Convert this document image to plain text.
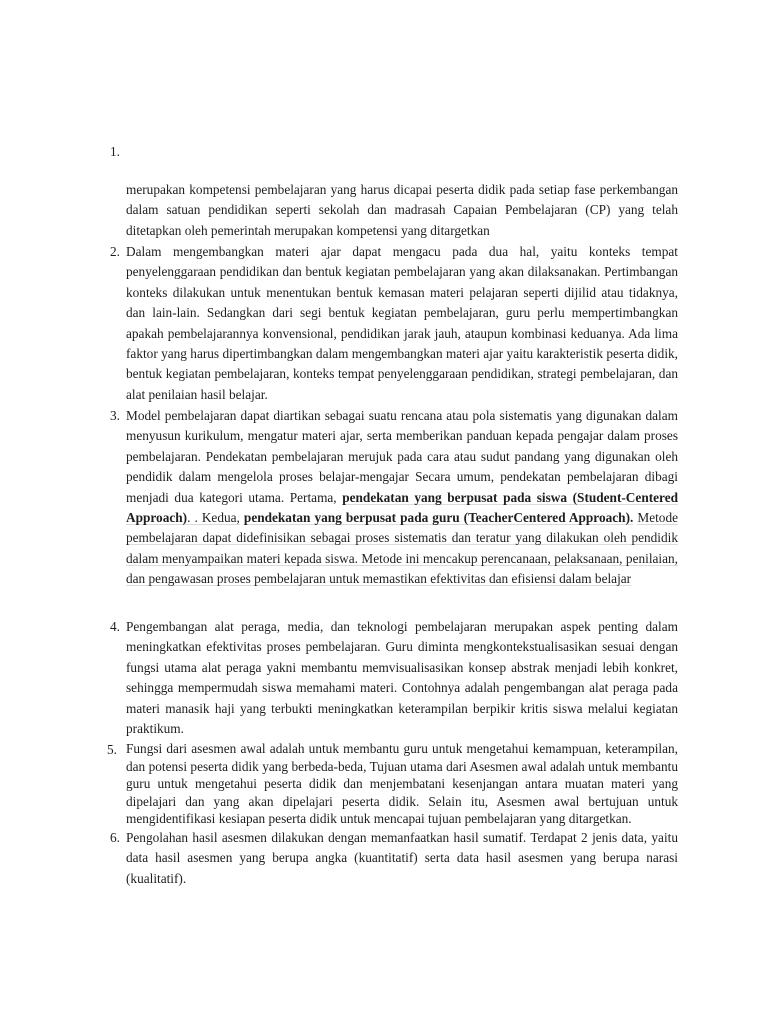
1.

merupakan kompetensi pembelajaran yang harus dicapai peserta didik pada setiap fase perkembangan dalam satuan pendidikan seperti sekolah dan madrasah Capaian Pembelajaran (CP) yang telah ditetapkan oleh pemerintah merupakan kompetensi yang ditargetkan

2. Dalam mengembangkan materi ajar dapat mengacu pada dua hal, yaitu konteks tempat penyelenggaraan pendidikan dan bentuk kegiatan pembelajaran yang akan dilaksanakan. Pertimbangan konteks dilakukan untuk menentukan bentuk kemasan materi pelajaran seperti dijilid atau tidaknya, dan lain-lain. Sedangkan dari segi bentuk kegiatan pembelajaran, guru perlu mempertimbangkan apakah pembelajarannya konvensional, pendidikan jarak jauh, ataupun kombinasi keduanya. Ada lima faktor yang harus dipertimbangkan dalam mengembangkan materi ajar yaitu karakteristik peserta didik, bentuk kegiatan pembelajaran, konteks tempat penyelenggaraan pendidikan, strategi pembelajaran, dan alat penilaian hasil belajar.

3. Model pembelajaran dapat diartikan sebagai suatu rencana atau pola sistematis yang digunakan dalam menyusun kurikulum, mengatur materi ajar, serta memberikan panduan kepada pengajar dalam proses pembelajaran. Pendekatan pembelajaran merujuk pada cara atau sudut pandang yang digunakan oleh pendidik dalam mengelola proses belajar-mengajar Secara umum, pendekatan pembelajaran dibagi menjadi dua kategori utama. Pertama, pendekatan yang berpusat pada siswa (Student-Centered Approach). . Kedua, pendekatan yang berpusat pada guru (TeacherCentered Approach). Metode pembelajaran dapat didefinisikan sebagai proses sistematis dan teratur yang dilakukan oleh pendidik dalam menyampaikan materi kepada siswa. Metode ini mencakup perencanaan, pelaksanaan, penilaian, dan pengawasan proses pembelajaran untuk memastikan efektivitas dan efisiensi dalam belajar

4. Pengembangan alat peraga, media, dan teknologi pembelajaran merupakan aspek penting dalam meningkatkan efektivitas proses pembelajaran. Guru diminta mengkontekstualisasikan sesuai dengan fungsi utama alat peraga yakni membantu memvisualisasikan konsep abstrak menjadi lebih konkret, sehingga mempermudah siswa memahami materi. Contohnya adalah pengembangan alat peraga pada materi manasik haji yang terbukti meningkatkan keterampilan berpikir kritis siswa melalui kegiatan praktikum.

5. Fungsi dari asesmen awal adalah untuk membantu guru untuk mengetahui kemampuan, keterampilan, dan potensi peserta didik yang berbeda-beda, Tujuan utama dari Asesmen awal adalah untuk membantu guru untuk mengetahui peserta didik dan menjembatani kesenjangan antara muatan materi yang dipelajari dan yang akan dipelajari peserta didik. Selain itu, Asesmen awal bertujuan untuk mengidentifikasi kesiapan peserta didik untuk mencapai tujuan pembelajaran yang ditargetkan.

6. Pengolahan hasil asesmen dilakukan dengan memanfaatkan hasil sumatif. Terdapat 2 jenis data, yaitu data hasil asesmen yang berupa angka (kuantitatif) serta data hasil asesmen yang berupa narasi (kualitatif).
